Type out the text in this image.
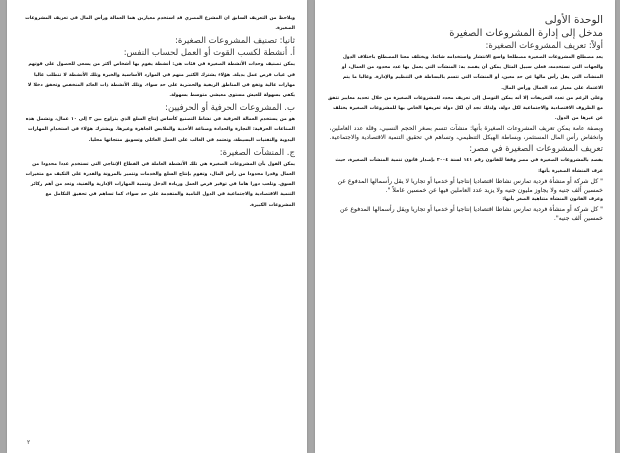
ويلاحظ من التعريف السابق ان المشرع المصري قد استخدم معيارين هما العمالة ورأس المال في تعريف المشروعات الصغيرة.

ثانيا: تصنيف المشروعات الصغيرة:
أ. أنشطة لكسب القوت أو العمل لحساب النفس:

يمكن تصنيف وحدات الأنشطة الصغيرة في فئات هي: أنشطة يقوم بها أشخاص أكثر من يسعى للحصول على قوتهم في غياب فرص عمل بديلة. هؤلاء يشترك الكثير منهم في الموارد الأساسية والخبرة وتلك الأنشطة لا تتطلب غالبا مهارات عالية وتقع في المناطق الريفية والحضرية على حد سواء. وتلك الأنشطة ذات العائد المنخفض وتحقق دخلا لا يكفي بسهولة للعيش مستوى معيشي متوسط بسهولة.

ب. المشروعات الحرفية أو الحرفيين:

هو من يستخدم العمالة الحرفية في نشاط التصنيع كأساس إنتاج السلع الذي يتراوح بين ٣ إلى ١٠ عمال، وتشمل هذه الصناعات الحرفية: النجارة والحدادة وصناعة الأحذية والملابس الجاهزة وغيرها. ويشترك هؤلاء في استخدام المهارات اليدوية والتقنيات البسيطة، وتعتمد في الغالب على العمل العائلي وتسويق منتجاتها محليا.

ج. المنشآت الصغيرة:

يمكن القول بأن المشروعات الصغيرة هي تلك الأنشطة العاملة في القطاع الإنتاجي التي تستخدم عددا محدودا من العمال وقدرا محدودا من رأس المال، وتقوم بإنتاج السلع والخدمات وتتميز بالمرونة والقدرة على التكيف مع متغيرات السوق. وتلعب دورا هاما في توفير فرص العمل وزيادة الدخل وتنمية المهارات الإدارية والفنية، وتعد من أهم ركائز التنمية الاقتصادية والاجتماعية في الدول النامية والمتقدمة على حد سواء، كما تساهم في تحقيق التكامل مع المشروعات الكبيرة.

٢
الوحدة الأولى
مدخل إلى إدارة المشروعات الصغيرة
أولاً: تعريف المشروعات الصغيرة:

يعد مصطلح المشروعات الصغيرة مصطلحا واسع الانتشار واستخدامه شائعا. ويختلف معنا المصطلح باختلاف الدول والجهات التي تستخدمه، فعلى سبيل المثال يمكن أن يقصد به: المنشآت التي يعمل بها عدد محدود من العمال، أو المنشآت التي يقل رأس مالها عن حد معين، أو المنشآت التي تتسم بالبساطة في التنظيم والإدارة. وغالبا ما يتم الاعتماد على معيار عدد العمال ورأس المال.

وعلى الرغم من تعدد التعريفات إلا أنه يمكن التوصل إلى تعريف محدد للمشروعات الصغيرة من خلال تحديد معايير تتفق مع الظروف الاقتصادية والاجتماعية لكل دولة، ولذلك نجد أن لكل دولة تعريفها الخاص بها للمشروعات الصغيرة يختلف عن غيرها من الدول.

وبصفة عامة يمكن تعريف المشروعات الصغيرة بأنها: منشآت تتسم بصغر الحجم النسبي، وقلة عدد العاملين، وانخفاض رأس المال المستثمر، وبساطة الهيكل التنظيمي، وتساهم في تحقيق التنمية الاقتصادية والاجتماعية.

تعريف المشروعات الصغيرة في مصر:

يقصد بالمشروعات الصغيرة في مصر وفقا للقانون رقم ١٤١ لسنة ٢٠٠٤ بإصدار قانون تنمية المنشآت الصغيرة، حيث عرف المنشأة الصغيرة بأنها:

" كل شركة أو منشأة فردية تمارس نشاطا اقتصاديا إنتاجيا أو خدميا أو تجاريا لا يقل رأسمالها المدفوع عن خمسين ألف جنيه ولا يجاوز مليون جنيه ولا يزيد عدد العاملين فيها عن خمسين عاملاً ".

وعرف القانون المنشأة متناهية الصغر بأنها:

" كل شركة أو منشأة فردية تمارس نشاطا اقتصاديا إنتاجيا أو خدميا أو تجاريا ويقل رأسمالها المدفوع عن خمسين ألف جنيه".
